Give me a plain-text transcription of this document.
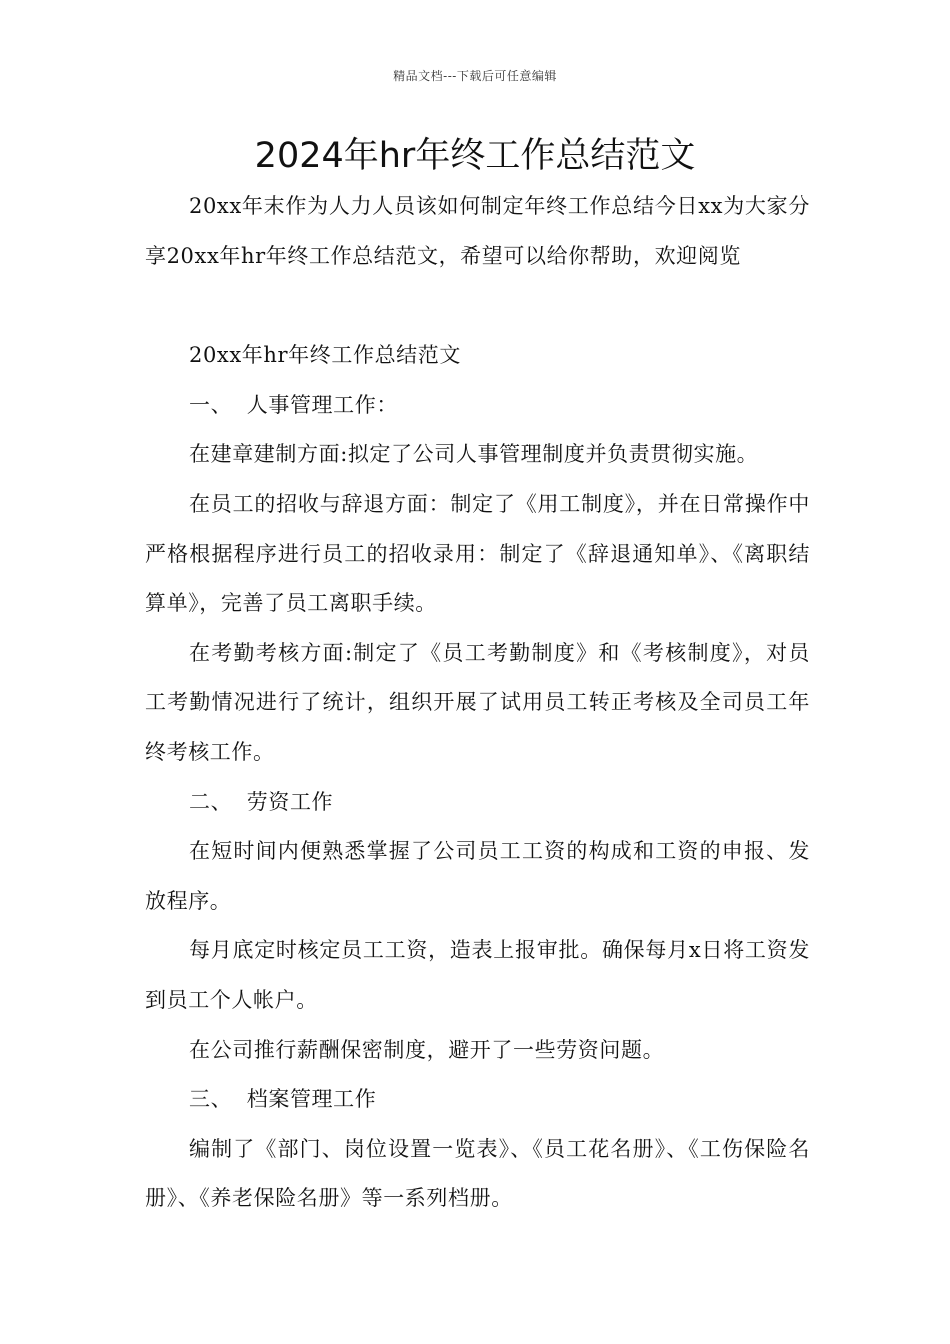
精品文档---下载后可任意编辑
2024年hr年终工作总结范文

20xx年末作为人力人员该如何制定年终工作总结今日xx为大家分享20xx年hr年终工作总结范文，希望可以给你帮助，欢迎阅览

20xx年hr年终工作总结范文

一、  人事管理工作：

在建章建制方面:拟定了公司人事管理制度并负责贯彻实施。

在员工的招收与辞退方面：制定了《用工制度》，并在日常操作中严格根据程序进行员工的招收录用：制定了《辞退通知单》、《离职结算单》，完善了员工离职手续。

在考勤考核方面:制定了《员工考勤制度》和《考核制度》，对员工考勤情况进行了统计，组织开展了试用员工转正考核及全司员工年终考核工作。

二、  劳资工作

在短时间内便熟悉掌握了公司员工工资的构成和工资的申报、发放程序。

每月底定时核定员工工资，造表上报审批。确保每月x日将工资发到员工个人帐户。

在公司推行薪酬保密制度，避开了一些劳资问题。

三、  档案管理工作

编制了《部门、岗位设置一览表》、《员工花名册》、《工伤保险名册》、《养老保险名册》等一系列档册。
